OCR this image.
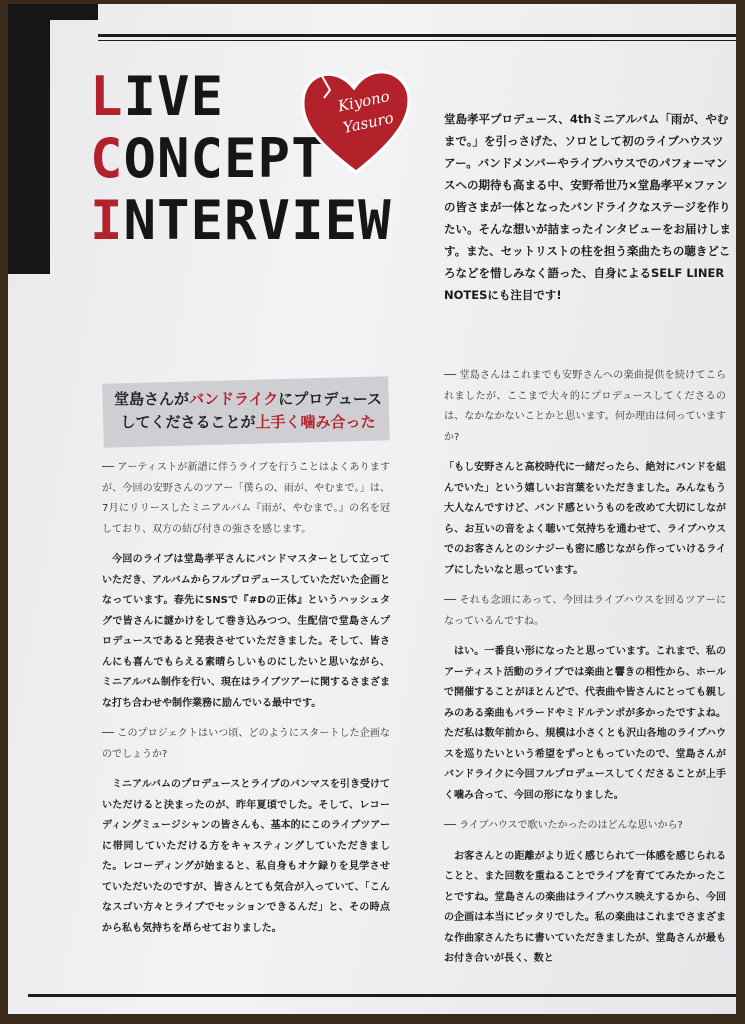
LIVE
CONCEPT
INTERVIEW
Kiyono
Yasuro	堂島孝平プロデュース、4thミニアルバム「雨が、やむまで。」を引っさげた、ソロとして初のライブハウスツアー。バンドメンバーやライブハウスでのパフォーマンスへの期待も高まる中、安野希世乃×堂島孝平×ファンの皆さまが一体となったバンドライクなステージを作りたい。そんな想いが詰まったインタビューをお届けします。また、セットリストの柱を担う楽曲たちの聴きどころなどを惜しみなく語った、自身によるSELF LINER NOTESにも注目です!
堂島さんがバンドライクにプロデュース
してくださることが上手く噛み合った

── アーティストが新譜に伴うライブを行うことはよくありますが、今回の安野さんのツアー「僕らの、雨が、やむまで。」は、7月にリリースしたミニアルバム『雨が、やむまで。』の名を冠しており、双方の結び付きの強さを感じます。

今回のライブは堂島孝平さんにバンドマスターとして立っていただき、アルバムからフルプロデュースしていただいた企画となっています。春先にSNSで『#Dの正体』というハッシュタグで皆さんに謎かけをして巻き込みつつ、生配信で堂島さんプロデュースであると発表させていただきました。そして、皆さんにも喜んでもらえる素晴らしいものにしたいと思いながら、ミニアルバム制作を行い、現在はライブツアーに関するさまざまな打ち合わせや制作業務に励んでいる最中です。

── このプロジェクトはいつ頃、どのようにスタートした企画なのでしょうか?

ミニアルバムのプロデュースとライブのバンマスを引き受けていただけると決まったのが、昨年夏頃でした。そして、レコーディングミュージシャンの皆さんも、基本的にこのライブツアーに帯同していただける方をキャスティングしていただきました。レコーディングが始まると、私自身もオケ録りを見学させていただいたのですが、皆さんとても気合が入っていて、「こんなスゴい方々とライブでセッションできるんだ」と、その時点から私も気持ちを昂らせておりました。

── 堂島さんはこれまでも安野さんへの楽曲提供を続けてこられましたが、ここまで大々的にプロデュースしてくださるのは、なかなかないことかと思います。何か理由は伺っていますか?

「もし安野さんと高校時代に一緒だったら、絶対にバンドを組んでいた」という嬉しいお言葉をいただきました。みんなもう大人なんですけど、バンド感というものを改めて大切にしながら、お互いの音をよく聴いて気持ちを通わせて、ライブハウスでのお客さんとのシナジーも密に感じながら作っていけるライブにしたいなと思っています。

── それも念頭にあって、今回はライブハウスを回るツアーになっているんですね。

はい。一番良い形になったと思っています。これまで、私のアーティスト活動のライブでは楽曲と響きの相性から、ホールで開催することがほとんどで、代表曲や皆さんにとっても親しみのある楽曲もバラードやミドルテンポが多かったですよね。ただ私は数年前から、規模は小さくとも沢山各地のライブハウスを巡りたいという希望をずっともっていたので、堂島さんがバンドライクに今回フルプロデュースしてくださることが上手く噛み合って、今回の形になりました。

── ライブハウスで歌いたかったのはどんな思いから?

お客さんとの距離がより近く感じられて一体感を感じられることと、また回数を重ねることでライブを育ててみたかったことですね。堂島さんの楽曲はライブハウス映えするから、今回の企画は本当にピッタリでした。私の楽曲はこれまでさまざまな作曲家さんたちに書いていただきましたが、堂島さんが最もお付き合いが長く、数と
